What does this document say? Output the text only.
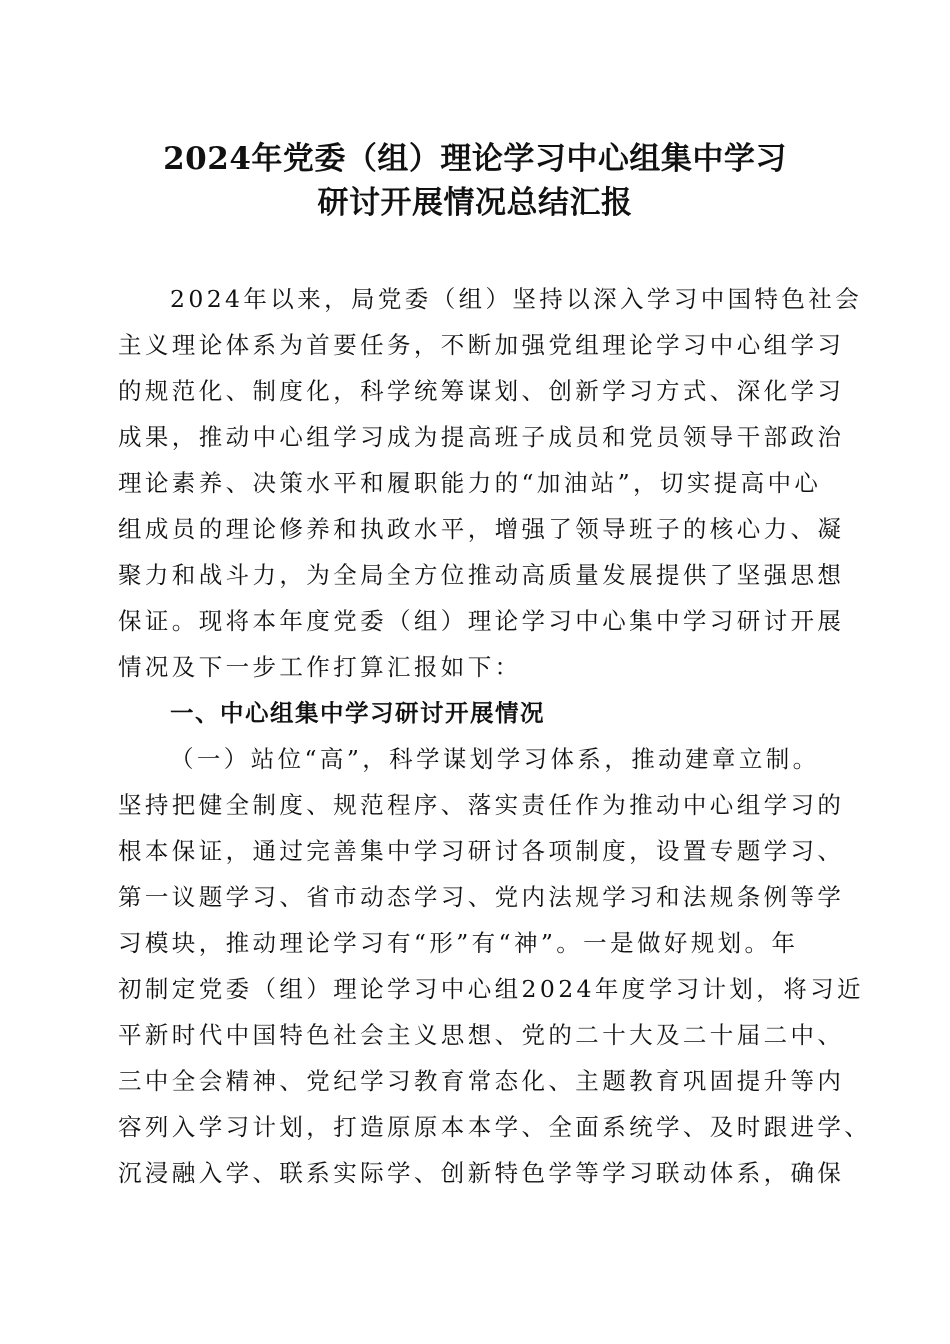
2024年党委（组）理论学习中心组集中学习
研讨开展情况总结汇报
2024年以来，局党委（组）坚持以深入学习中国特色社会
主义理论体系为首要任务，不断加强党组理论学习中心组学习
的规范化、制度化，科学统筹谋划、创新学习方式、深化学习
成果，推动中心组学习成为提高班子成员和党员领导干部政治
理论素养、决策水平和履职能力的“加油站”，切实提高中心
组成员的理论修养和执政水平，增强了领导班子的核心力、凝
聚力和战斗力，为全局全方位推动高质量发展提供了坚强思想
保证。现将本年度党委（组）理论学习中心集中学习研讨开展
情况及下一步工作打算汇报如下：
一、中心组集中学习研讨开展情况
（一）站位“高”，科学谋划学习体系，推动建章立制。
坚持把健全制度、规范程序、落实责任作为推动中心组学习的
根本保证，通过完善集中学习研讨各项制度，设置专题学习、
第一议题学习、省市动态学习、党内法规学习和法规条例等学
习模块，推动理论学习有“形”有“神”。一是做好规划。年
初制定党委（组）理论学习中心组2024年度学习计划，将习近
平新时代中国特色社会主义思想、党的二十大及二十届二中、
三中全会精神、党纪学习教育常态化、主题教育巩固提升等内
容列入学习计划，打造原原本本学、全面系统学、及时跟进学、
沉浸融入学、联系实际学、创新特色学等学习联动体系，确保
